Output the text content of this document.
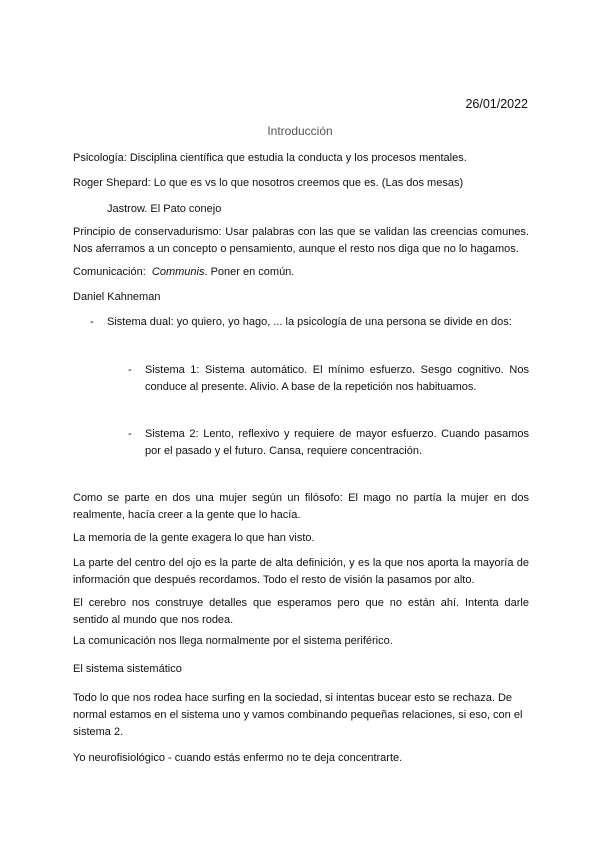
26/01/2022
Introducción
Psicología: Disciplina científica que estudia la conducta y los procesos mentales.
Roger Shepard: Lo que es vs lo que nosotros creemos que es. (Las dos mesas)
Jastrow. El Pato conejo
Principio de conservadurismo: Usar palabras con las que se validan las creencias comunes. Nos aferramos a un concepto o pensamiento, aunque el resto nos diga que no lo hagamos.
Comunicación: Communis. Poner en común.
Daniel Kahneman
- Sistema dual: yo quiero, yo hago, ... la psicología de una persona se divide en dos:
- Sistema 1: Sistema automático. El mínimo esfuerzo. Sesgo cognitivo. Nos conduce al presente. Alivio. A base de la repetición nos habituamos.
- Sistema 2: Lento, reflexivo y requiere de mayor esfuerzo. Cuando pasamos por el pasado y el futuro. Cansa, requiere concentración.
Como se parte en dos una mujer según un filósofo: El mago no partía la mujer en dos realmente, hacía creer a la gente que lo hacía.
La memoria de la gente exagera lo que han visto.
La parte del centro del ojo es la parte de alta definición, y es la que nos aporta la mayoría de información que después recordamos. Todo el resto de visión la pasamos por alto.
El cerebro nos construye detalles que esperamos pero que no están ahí. Intenta darle sentido al mundo que nos rodea.
La comunicación nos llega normalmente por el sistema periférico.
El sistema sistemático
Todo lo que nos rodea hace surfing en la sociedad, si intentas bucear esto se rechaza. De normal estamos en el sistema uno y vamos combinando pequeñas relaciones, si eso, con el sistema 2.
Yo neurofisiológico - cuando estás enfermo no te deja concentrarte.
